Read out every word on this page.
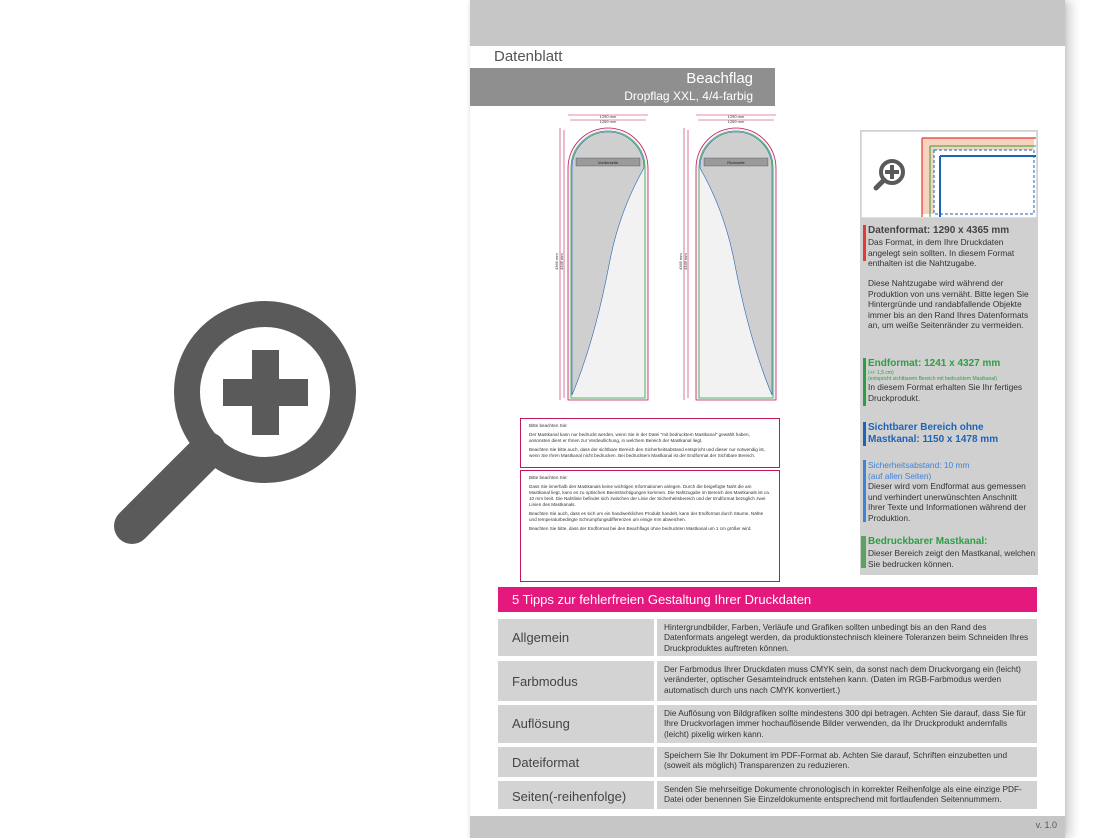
Datenblatt
Beachflag
Dropflag XXL, 4/4-farbig
1290 mm
1269 mm
4365 mm 4349 mm
Vorderseite
1290 mm
1269 mm
4365 mm 4349 mm
Rückseite

Bitte beachten Sie:

Der Mastkanal kann nur bedruckt werden, wenn Sie in der Datei "mit bedrucktem Mastkanal" gewählt haben, ansonsten dient er Ihnen zur Verdeutlichung, in welchem Bereich der Mastkanal liegt.

Beachten Sie bitte auch, dass der sichtbare Bereich den Sicherheitsabstand entspricht und dieser nur notwendig ist, wenn Sie Ihren Mastkanal nicht bedrucken. Bei bedrucktem Mastkanal ist der Endformat der Sichtbare Bereich.

Bitte beachten Sie:

Dass Sie innerhalb des Mastkanals keine wichtigen Informationen anlegen. Durch die beigefügte Naht die am Mastkanal liegt, kann es zu optischen Beeinträchtigungen kommen. Die Nahtzugabe im Bereich des Mastkanals ist ca. 10 mm breit. Die Nahtlinie befindet sich zwischen der Linie der Sicherheitsbereich und der Endformat bezüglich zwei Linien des Mastkanals.

Beachten Sie auch, dass es sich um ein handwerkliches Produkt handelt, kann der Endformat durch Säume, Nähte und temperaturbedingte Schrumpfungsdifferenzen um einige mm abweichen.

Beachten Sie bitte, dass der Endformat bei den Beachflags ohne bedruckten Mastkanal um 1 cm größer wird.

Datenformat: 1290 x 4365 mm
Das Format, in dem Ihre Druckdaten angelegt sein sollten. In diesem Format enthalten ist die Nahtzugabe.
Diese Nahtzugabe wird während der Produktion von uns vernäht. Bitte legen Sie Hintergründe und randabfallende Objekte immer bis an den Rand Ihres Datenformats an, um weiße Seitenränder zu vermeiden.
Endformat: 1241 x 4327 mm
(+/- 1,5 cm)
(entspricht sichtbarem Bereich mit bedrucktem Mastkanal)
In diesem Format erhalten Sie Ihr fertiges Druckprodukt.
Sichtbarer Bereich ohne Mastkanal: 1150 x 1478 mm
Sicherheitsabstand: 10 mm
(auf allen Seiten)
Dieser wird vom Endformat aus gemessen und verhindert unerwünschten Anschnitt Ihrer Texte und Informationen während der Produktion.
Bedruckbarer Mastkanal:
Dieser Bereich zeigt den Mastkanal, welchen Sie bedrucken können.
5 Tipps zur fehlerfreien Gestaltung Ihrer Druckdaten
Allgemein
Hintergrundbilder, Farben, Verläufe und Grafiken sollten unbedingt bis an den Rand des Datenformats angelegt werden, da produktionstechnisch kleinere Toleranzen beim Schneiden Ihres Druckproduktes auftreten können.
Farbmodus
Der Farbmodus Ihrer Druckdaten muss CMYK sein, da sonst nach dem Druckvorgang ein (leicht) veränderter, optischer Gesamteindruck entstehen kann. (Daten im RGB-Farbmodus werden automatisch durch uns nach CMYK konvertiert.)
Auflösung
Die Auflösung von Bildgrafiken sollte mindestens 300 dpi betragen. Achten Sie darauf, dass Sie für Ihre Druckvorlagen immer hochauflösende Bilder verwenden, da Ihr Druckprodukt andernfalls (leicht) pixelig wirken kann.
Dateiformat	Speichern Sie Ihr Dokument im PDF-Format ab. Achten Sie darauf, Schriften einzubetten und (soweit als möglich) Transparenzen zu reduzieren.
Seiten(-reihenfolge)	Senden Sie mehrseitige Dokumente chronologisch in korrekter Reihenfolge als eine einzige PDF-Datei oder benennen Sie Einzeldokumente entsprechend mit fortlaufenden Seitennummern.
v. 1.0
